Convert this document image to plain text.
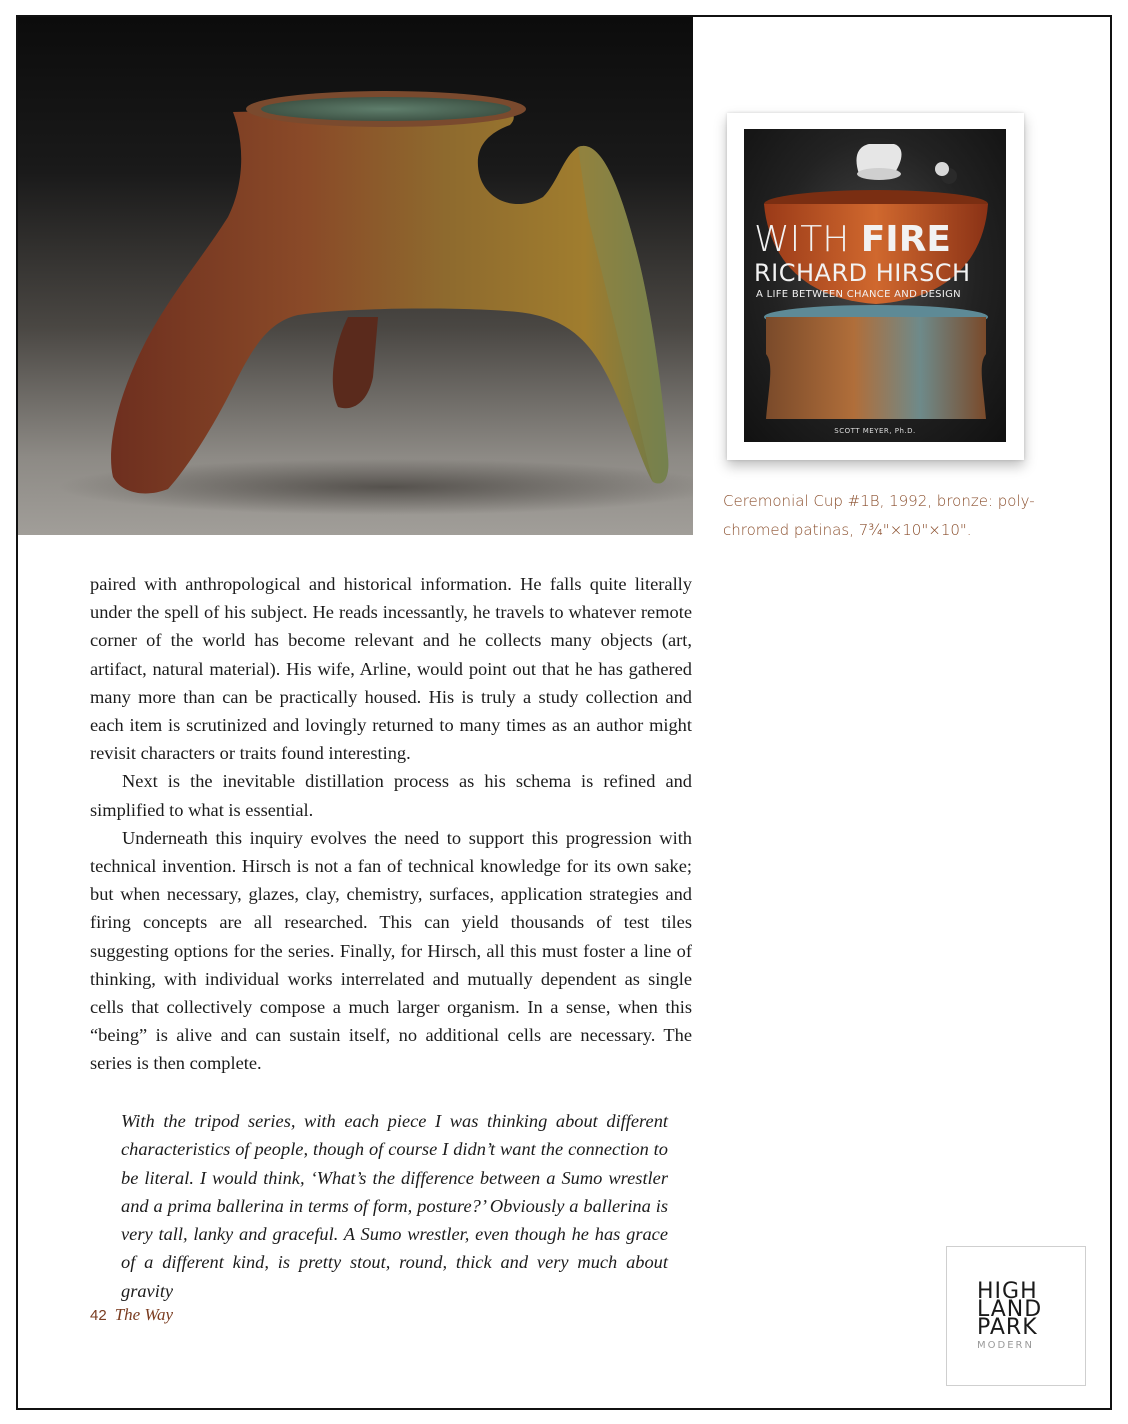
WITH FIRE
RICHARD HIRSCH
A LIFE BETWEEN CHANCE AND DESIGN
SCOTT MEYER, Ph.D.
Ceremonial Cup #1B, 1992, bronze: poly-chromed patinas, 7¾"×10"×10".

paired with anthropological and historical information. He falls quite literally under the spell of his subject. He reads incessantly, he travels to whatever remote corner of the world has become relevant and he collects many objects (art, artifact, natural material). His wife, Arline, would point out that he has gathered many more than can be practically housed. His is truly a study collection and each item is scrutinized and lovingly returned to many times as an author might revisit characters or traits found interesting.

Next is the inevitable distillation process as his schema is refined and simplified to what is essential.

Underneath this inquiry evolves the need to support this progression with technical invention. Hirsch is not a fan of technical knowledge for its own sake; but when necessary, glazes, clay, chemistry, surfaces, application strategies and firing concepts are all researched. This can yield thousands of test tiles suggesting options for the series. Finally, for Hirsch, all this must foster a line of thinking, with individual works interrelated and mutually dependent as single cells that collectively compose a much larger organism. In a sense, when this “being” is alive and can sustain itself, no additional cells are necessary. The series is then complete.

With the tripod series, with each piece I was thinking about different characteristics of people, though of course I didn’t want the connection to be literal. I would think, ‘What’s the difference between a Sumo wrestler and a prima ballerina in terms of form, posture?’ Obviously a ballerina is very tall, lanky and graceful. A Sumo wrestler, even though he has grace of a different kind, is pretty stout, round, thick and very much about gravity
42 The Way
HIGH
LAND
PARK
MODERN
